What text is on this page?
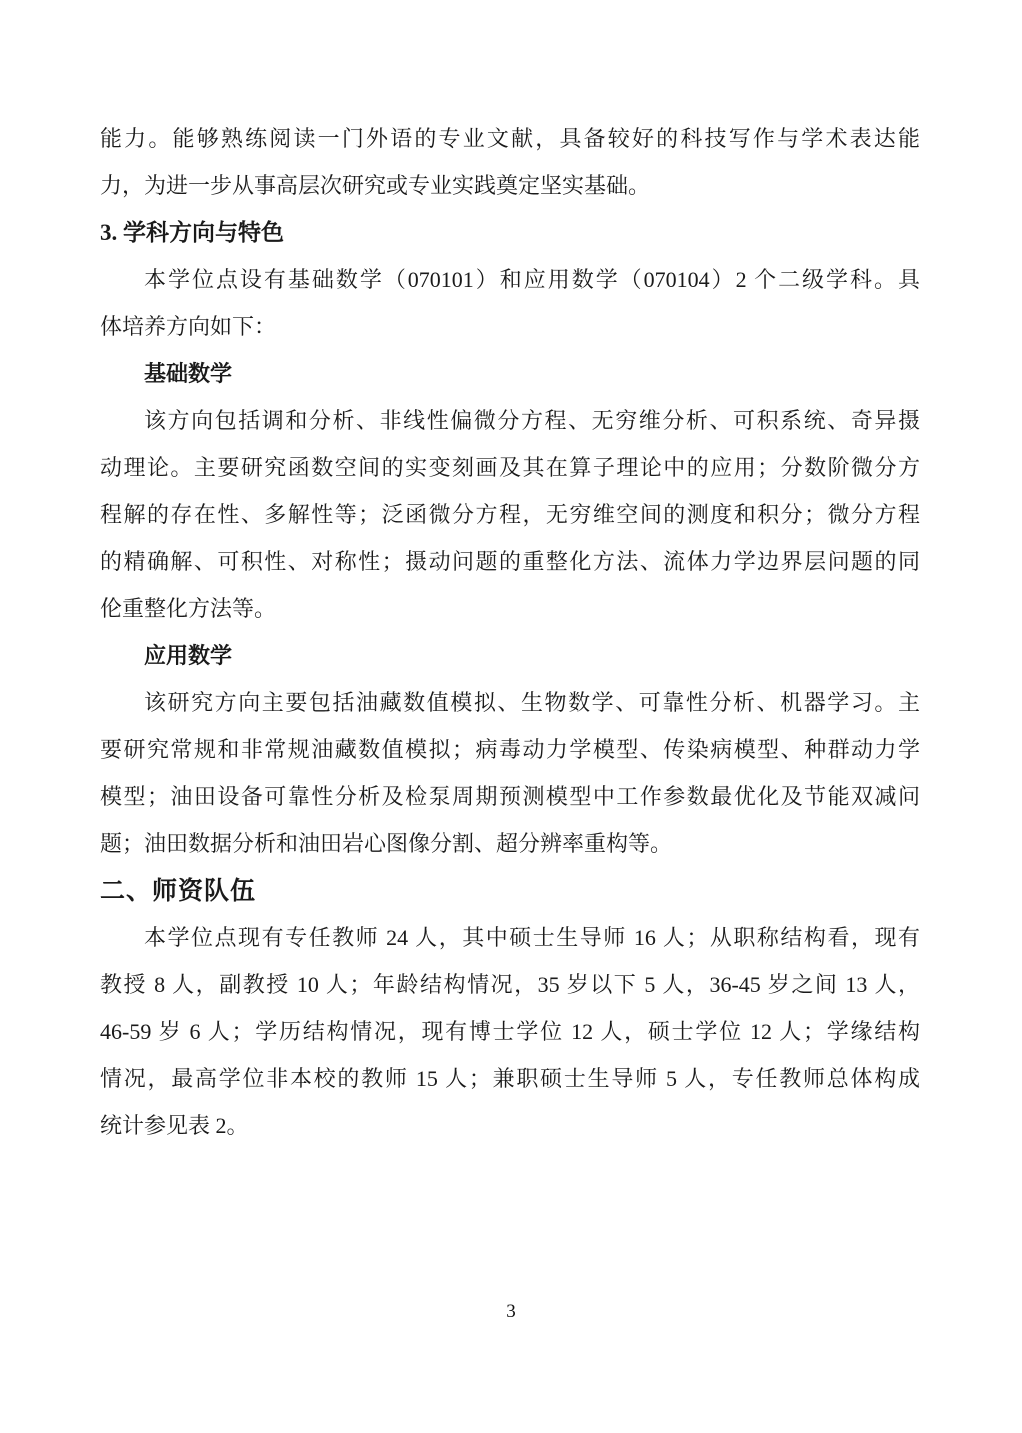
能力。能够熟练阅读一门外语的专业文献，具备较好的科技写作与学术表达能
力，为进一步从事高层次研究或专业实践奠定坚实基础。
3. 学科方向与特色
本学位点设有基础数学（070101）和应用数学（070104）2 个二级学科。具
体培养方向如下：
基础数学
该方向包括调和分析、非线性偏微分方程、无穷维分析、可积系统、奇异摄
动理论。主要研究函数空间的实变刻画及其在算子理论中的应用；分数阶微分方
程解的存在性、多解性等；泛函微分方程，无穷维空间的测度和积分；微分方程
的精确解、可积性、对称性；摄动问题的重整化方法、流体力学边界层问题的同
伦重整化方法等。
应用数学
该研究方向主要包括油藏数值模拟、生物数学、可靠性分析、机器学习。主
要研究常规和非常规油藏数值模拟；病毒动力学模型、传染病模型、种群动力学
模型；油田设备可靠性分析及检泵周期预测模型中工作参数最优化及节能双减问
题；油田数据分析和油田岩心图像分割、超分辨率重构等。
二、师资队伍
本学位点现有专任教师 24 人，其中硕士生导师 16 人；从职称结构看，现有
教授 8 人，副教授 10 人；年龄结构情况，35 岁以下 5 人，36-45 岁之间 13 人，
46-59 岁 6 人；学历结构情况，现有博士学位 12 人，硕士学位 12 人；学缘结构
情况，最高学位非本校的教师 15 人；兼职硕士生导师 5 人，专任教师总体构成
统计参见表 2。
3
